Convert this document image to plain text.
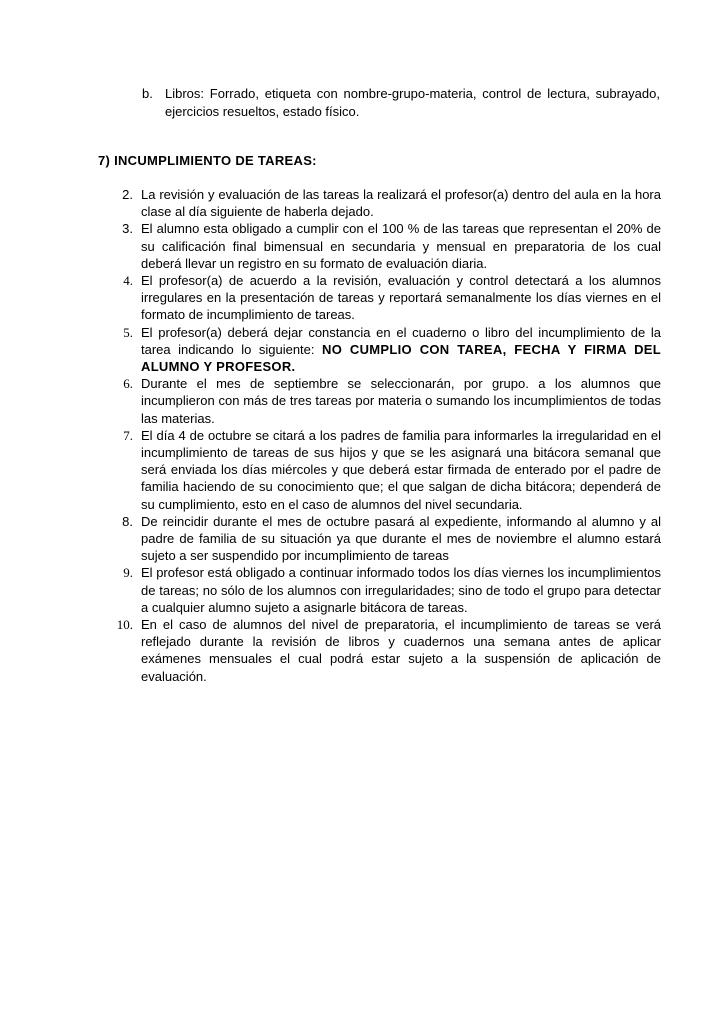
b. Libros: Forrado, etiqueta con nombre-grupo-materia, control de lectura, subrayado, ejercicios resueltos, estado físico.
7) INCUMPLIMIENTO DE TAREAS:
2. La revisión y evaluación de las tareas la realizará el profesor(a) dentro del aula en la hora clase al día siguiente de haberla dejado.
3. El alumno esta obligado a cumplir con el 100 % de las tareas que representan el 20% de su calificación final bimensual en secundaria y mensual en preparatoria de los cual deberá llevar un registro en su formato de evaluación diaria.
4. El profesor(a) de acuerdo a la revisión, evaluación y control detectará a los alumnos irregulares en la presentación de tareas y reportará semanalmente los días viernes en el formato de incumplimiento de tareas.
5. El profesor(a) deberá dejar constancia en el cuaderno o libro del incumplimiento de la tarea indicando lo siguiente: NO CUMPLIO CON TAREA, FECHA Y FIRMA DEL ALUMNO Y PROFESOR.
6. Durante el mes de septiembre se seleccionarán, por grupo. a los alumnos que incumplieron con más de tres tareas por materia o sumando los incumplimientos de todas las materias.
7. El día 4 de octubre se citará a los padres de familia para informarles la irregularidad en el incumplimiento de tareas de sus hijos y que se les asignará una bitácora semanal que será enviada los días miércoles y que deberá estar firmada de enterado por el padre de familia haciendo de su conocimiento que; el que salgan de dicha bitácora; dependerá de su cumplimiento, esto en el caso de alumnos del nivel secundaria.
8. De reincidir durante el mes de octubre pasará al expediente, informando al alumno y al padre de familia de su situación ya que durante el mes de noviembre el alumno estará sujeto a ser suspendido por incumplimiento de tareas
9. El profesor está obligado a continuar informado todos los días viernes los incumplimientos de tareas; no sólo de los alumnos con irregularidades; sino de todo el grupo para detectar a cualquier alumno sujeto a asignarle bitácora de tareas.
10. En el caso de alumnos del nivel de preparatoria, el incumplimiento de tareas se verá reflejado durante la revisión de libros y cuadernos una semana antes de aplicar exámenes mensuales el cual podrá estar sujeto a la suspensión de aplicación de evaluación.
